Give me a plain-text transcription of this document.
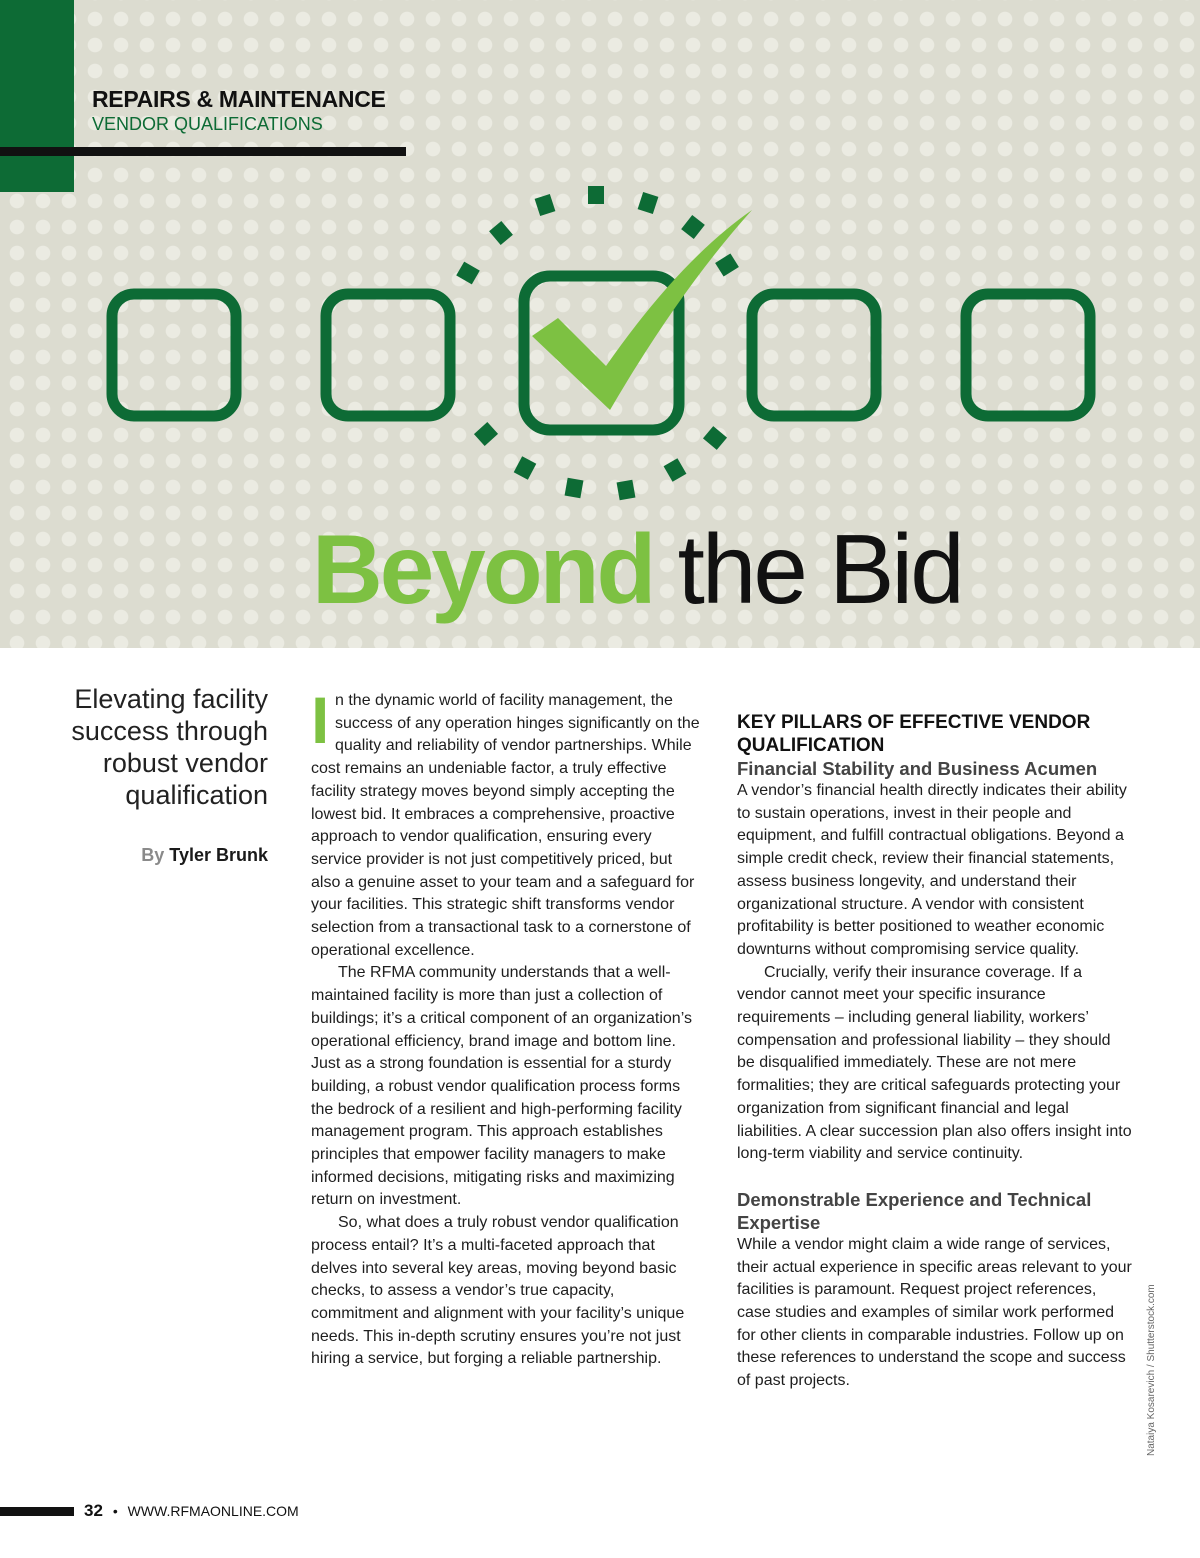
REPAIRS & MAINTENANCE
VENDOR QUALIFICATIONS
Beyond the Bid
Elevating facility success through robust vendor qualification
By Tyler Brunk

In the dynamic world of facility management, the success of any operation hinges significantly on the quality and reliability of vendor partnerships. While cost remains an undeniable factor, a truly effective facility strategy moves beyond simply accepting the lowest bid. It embraces a comprehensive, proactive approach to vendor qualification, ensuring every service provider is not just competitively priced, but also a genuine asset to your team and a safeguard for your facilities. This strategic shift transforms vendor selection from a transactional task to a cornerstone of operational excellence.

The RFMA community understands that a well-maintained facility is more than just a collection of buildings; it’s a critical component of an organization’s operational efficiency, brand image and bottom line. Just as a strong foundation is essential for a sturdy building, a robust vendor qualification process forms the bedrock of a resilient and high-performing facility management program. This approach establishes principles that empower facility managers to make informed decisions, mitigating risks and maximizing return on investment.

So, what does a truly robust vendor qualification process entail? It’s a multi-faceted approach that delves into several key areas, moving beyond basic checks, to assess a vendor’s true capacity, commitment and alignment with your facility’s unique needs. This in-depth scrutiny ensures you’re not just hiring a service, but forging a reliable partnership.

KEY PILLARS OF EFFECTIVE VENDOR QUALIFICATION

Financial Stability and Business Acumen

A vendor’s financial health directly indicates their ability to sustain operations, invest in their people and equipment, and fulfill contractual obligations. Beyond a simple credit check, review their financial statements, assess business longevity, and understand their organizational structure. A vendor with consistent profitability is better positioned to weather economic downturns without compromising service quality.

Crucially, verify their insurance coverage. If a vendor cannot meet your specific insurance requirements – including general liability, workers’ compensation and professional liability – they should be disqualified immediately. These are not mere formalities; they are critical safeguards protecting your organization from significant financial and legal liabilities. A clear succession plan also offers insight into long-term viability and service continuity.

Demonstrable Experience and Technical Expertise

While a vendor might claim a wide range of services, their actual experience in specific areas relevant to your facilities is paramount. Request project references, case studies and examples of similar work performed for other clients in comparable industries. Follow up on these references to understand the scope and success of past projects.	Nataiya Kosarevich / Shutterstock.com
32 • WWW.RFMAONLINE.COM
